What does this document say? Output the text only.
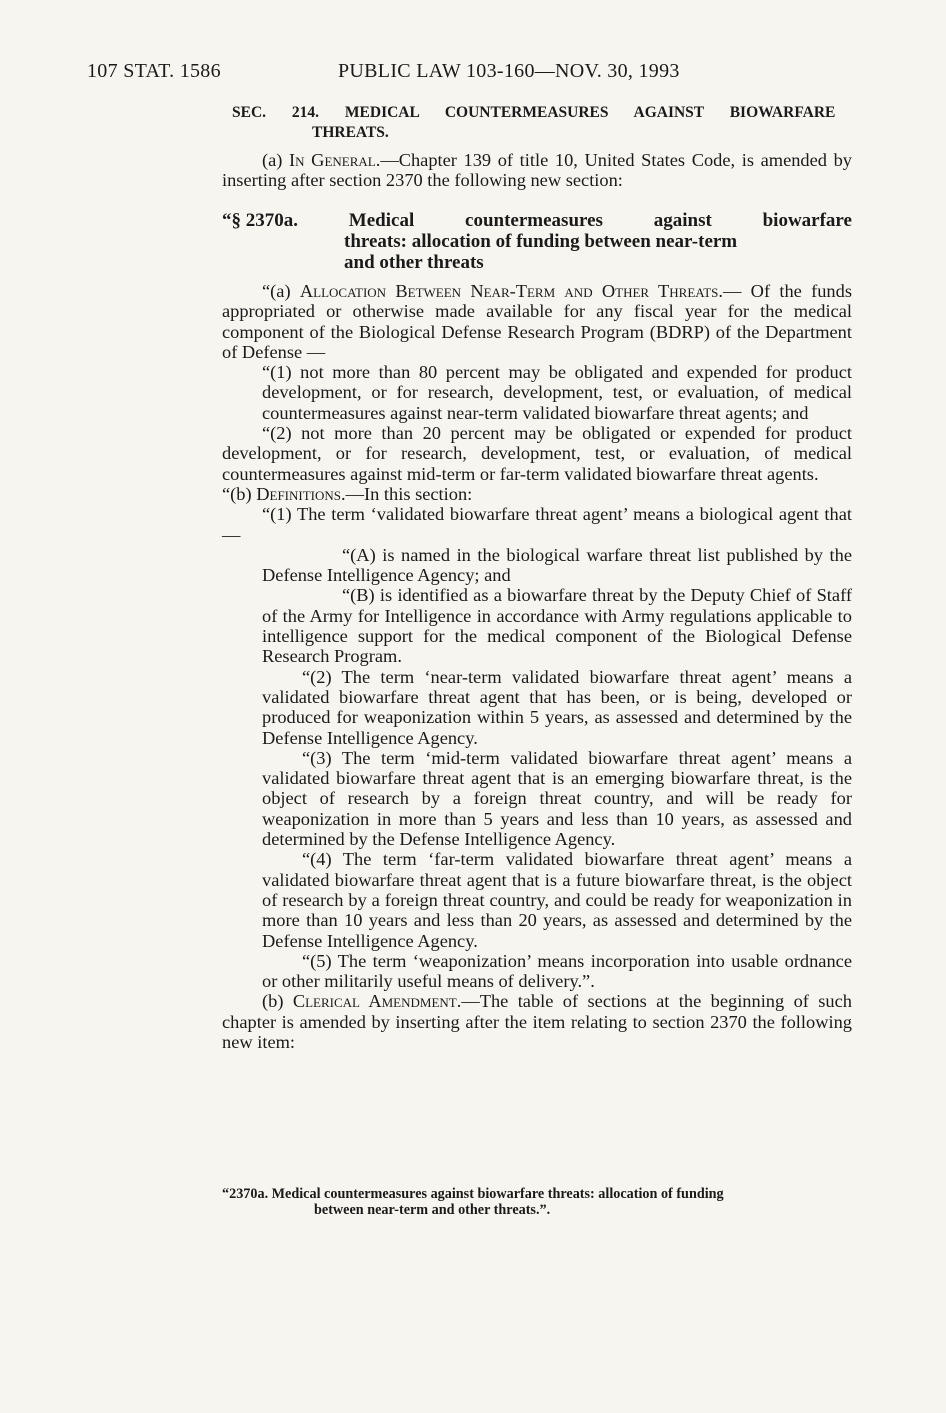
107 STAT. 1586	PUBLIC LAW 103-160—NOV. 30, 1993
SEC. 214. MEDICAL COUNTERMEASURES AGAINST BIOWARFARE
THREATS.

(a) In General.—Chapter 139 of title 10, United States Code, is amended by inserting after section 2370 the following new section:

“§ 2370a.	Medical	countermeasures	against	biowarfare
threats: allocation of funding between near-term
and other threats

“(a) Allocation Between Near-Term and Other Threats.— Of the funds appropriated or otherwise made available for any fiscal year for the medical component of the Biological Defense Research Program (BDRP) of the Department of Defense —

“(1) not more than 80 percent may be obligated and expended for product development, or for research, development, test, or evaluation, of medical countermeasures against near-term validated biowarfare threat agents; and

“(2) not more than 20 percent may be obligated or expended for product development, or for research, development, test, or evaluation, of medical countermeasures against mid-term or far-term validated biowarfare threat agents.

“(b) Definitions.—In this section:

“(1) The term ‘validated biowarfare threat agent’ means a biological agent that—

“(A) is named in the biological warfare threat list published by the Defense Intelligence Agency; and

“(B) is identified as a biowarfare threat by the Deputy Chief of Staff of the Army for Intelligence in accordance with Army regulations applicable to intelligence support for the medical component of the Biological Defense Research Program.

“(2) The term ‘near-term validated biowarfare threat agent’ means a validated biowarfare threat agent that has been, or is being, developed or produced for weaponization within 5 years, as assessed and determined by the Defense Intelligence Agency.

“(3) The term ‘mid-term validated biowarfare threat agent’ means a validated biowarfare threat agent that is an emerging biowarfare threat, is the object of research by a foreign threat country, and will be ready for weaponization in more than 5 years and less than 10 years, as assessed and determined by the Defense Intelligence Agency.

“(4) The term ‘far-term validated biowarfare threat agent’ means a validated biowarfare threat agent that is a future biowarfare threat, is the object of research by a foreign threat country, and could be ready for weaponization in more than 10 years and less than 20 years, as assessed and determined by the Defense Intelligence Agency.

“(5) The term ‘weaponization’ means incorporation into usable ordnance or other militarily useful means of delivery.”.

(b) Clerical Amendment.—The table of sections at the beginning of such chapter is amended by inserting after the item relating to section 2370 the following new item:

“2370a. Medical countermeasures against biowarfare threats: allocation of funding
between near-term and other threats.”.
